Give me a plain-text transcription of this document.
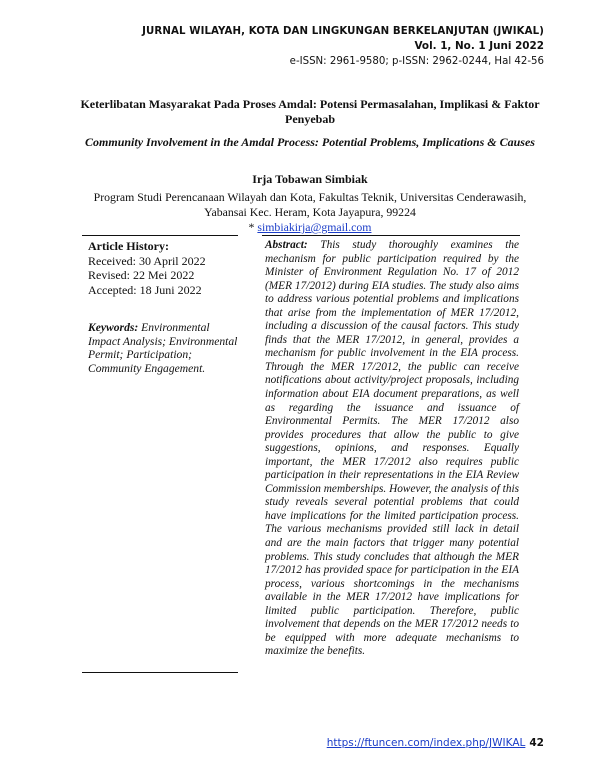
JURNAL WILAYAH, KOTA DAN LINGKUNGAN BERKELANJUTAN (JWIKAL)
Vol. 1, No. 1 Juni 2022
e-ISSN: 2961-9580; p-ISSN: 2962-0244, Hal 42-56
Keterlibatan Masyarakat Pada Proses Amdal: Potensi Permasalahan, Implikasi & Faktor Penyebab
Community Involvement in the Amdal Process: Potential Problems, Implications & Causes
Irja Tobawan Simbiak
Program Studi Perencanaan Wilayah dan Kota, Fakultas Teknik, Universitas Cenderawasih,
Yabansai Kec. Heram, Kota Jayapura, 99224
* simbiakirja@gmail.com
Article History:
Received: 30 April 2022
Revised: 22 Mei 2022
Accepted: 18 Juni 2022
Keywords: Environmental Impact Analysis; Environmental Permit; Participation; Community Engagement.
Abstract: This study thoroughly examines the mechanism for public participation required by the Minister of Environment Regulation No. 17 of 2012 (MER 17/2012) during EIA studies. The study also aims to address various potential problems and implications that arise from the implementation of MER 17/2012, including a discussion of the causal factors. This study finds that the MER 17/2012, in general, provides a mechanism for public involvement in the EIA process. Through the MER 17/2012, the public can receive notifications about activity/project proposals, including information about EIA document preparations, as well as regarding the issuance and issuance of Environmental Permits. The MER 17/2012 also provides procedures that allow the public to give suggestions, opinions, and responses. Equally important, the MER 17/2012 also requires public participation in their representations in the EIA Review Commission memberships. However, the analysis of this study reveals several potential problems that could have implications for the limited participation process. The various mechanisms provided still lack in detail and are the main factors that trigger many potential problems. This study concludes that although the MER 17/2012 has provided space for participation in the EIA process, various shortcomings in the mechanisms available in the MER 17/2012 have implications for limited public participation. Therefore, public involvement that depends on the MER 17/2012 needs to be equipped with more adequate mechanisms to maximize the benefits.
https://ftuncen.com/index.php/JWIKAL 42
